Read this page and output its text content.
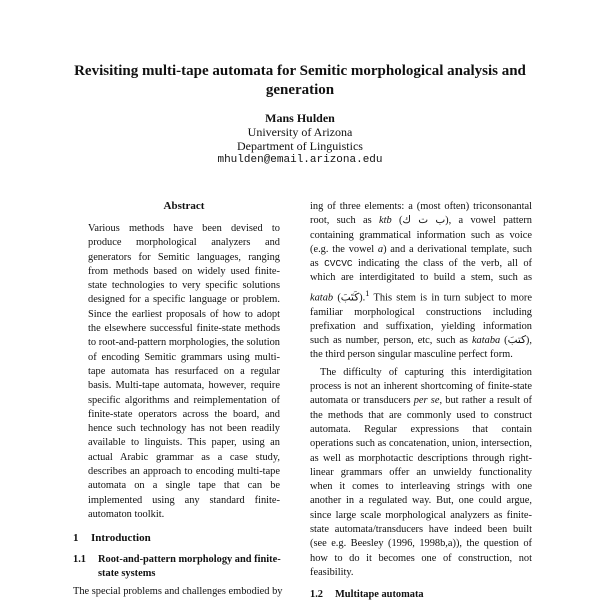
Revisiting multi-tape automata for Semitic morphological analysis and generation
Mans Hulden
University of Arizona
Department of Linguistics
mhulden@email.arizona.edu
Abstract
Various methods have been devised to produce morphological analyzers and generators for Semitic languages, ranging from methods based on widely used finite-state technologies to very specific solutions designed for a specific language or problem. Since the earliest proposals of how to adopt the elsewhere successful finite-state methods to root-and-pattern morphologies, the solution of encoding Semitic grammars using multi-tape automata has resurfaced on a regular basis. Multi-tape automata, however, require specific algorithms and reimplementation of finite-state operators across the board, and hence such technology has not been readily available to linguists. This paper, using an actual Arabic grammar as a case study, describes an approach to encoding multi-tape automata on a single tape that can be implemented using any standard finite-automaton toolkit.
1 Introduction
1.1	Root-and-pattern morphology and finite-state systems
The special problems and challenges embodied by

ing of three elements: a (most often) triconsonantal root, such as ktb (ب ت ك), a vowel pattern containing grammatical information such as voice (e.g. the vowel a) and a derivational template, such as CVCVC indicating the class of the verb, all of which are interdigitated to build a stem, such as katab (كَتَبَ).$^1$ This stem is in turn subject to more familiar morphological constructions including prefixation and suffixation, yielding information such as number, person, etc, such as kataba (كتبَ), the third person singular masculine perfect form.

The difficulty of capturing this interdigitation process is not an inherent shortcoming of finite-state automata or transducers per se, but rather a result of the methods that are commonly used to construct automata. Regular expressions that contain operations such as concatenation, union, intersection, as well as morphotactic descriptions through right-linear grammars offer an unwieldy functionality when it comes to interleaving strings with one another in a regulated way. But, one could argue, since large scale morphological analyzers as finite-state automata/transducers have indeed been built (see e.g. Beesley (1996, 1998b,a)), the question of how to do it becomes one of construction, not feasibility.

1.2	Multitape automata
